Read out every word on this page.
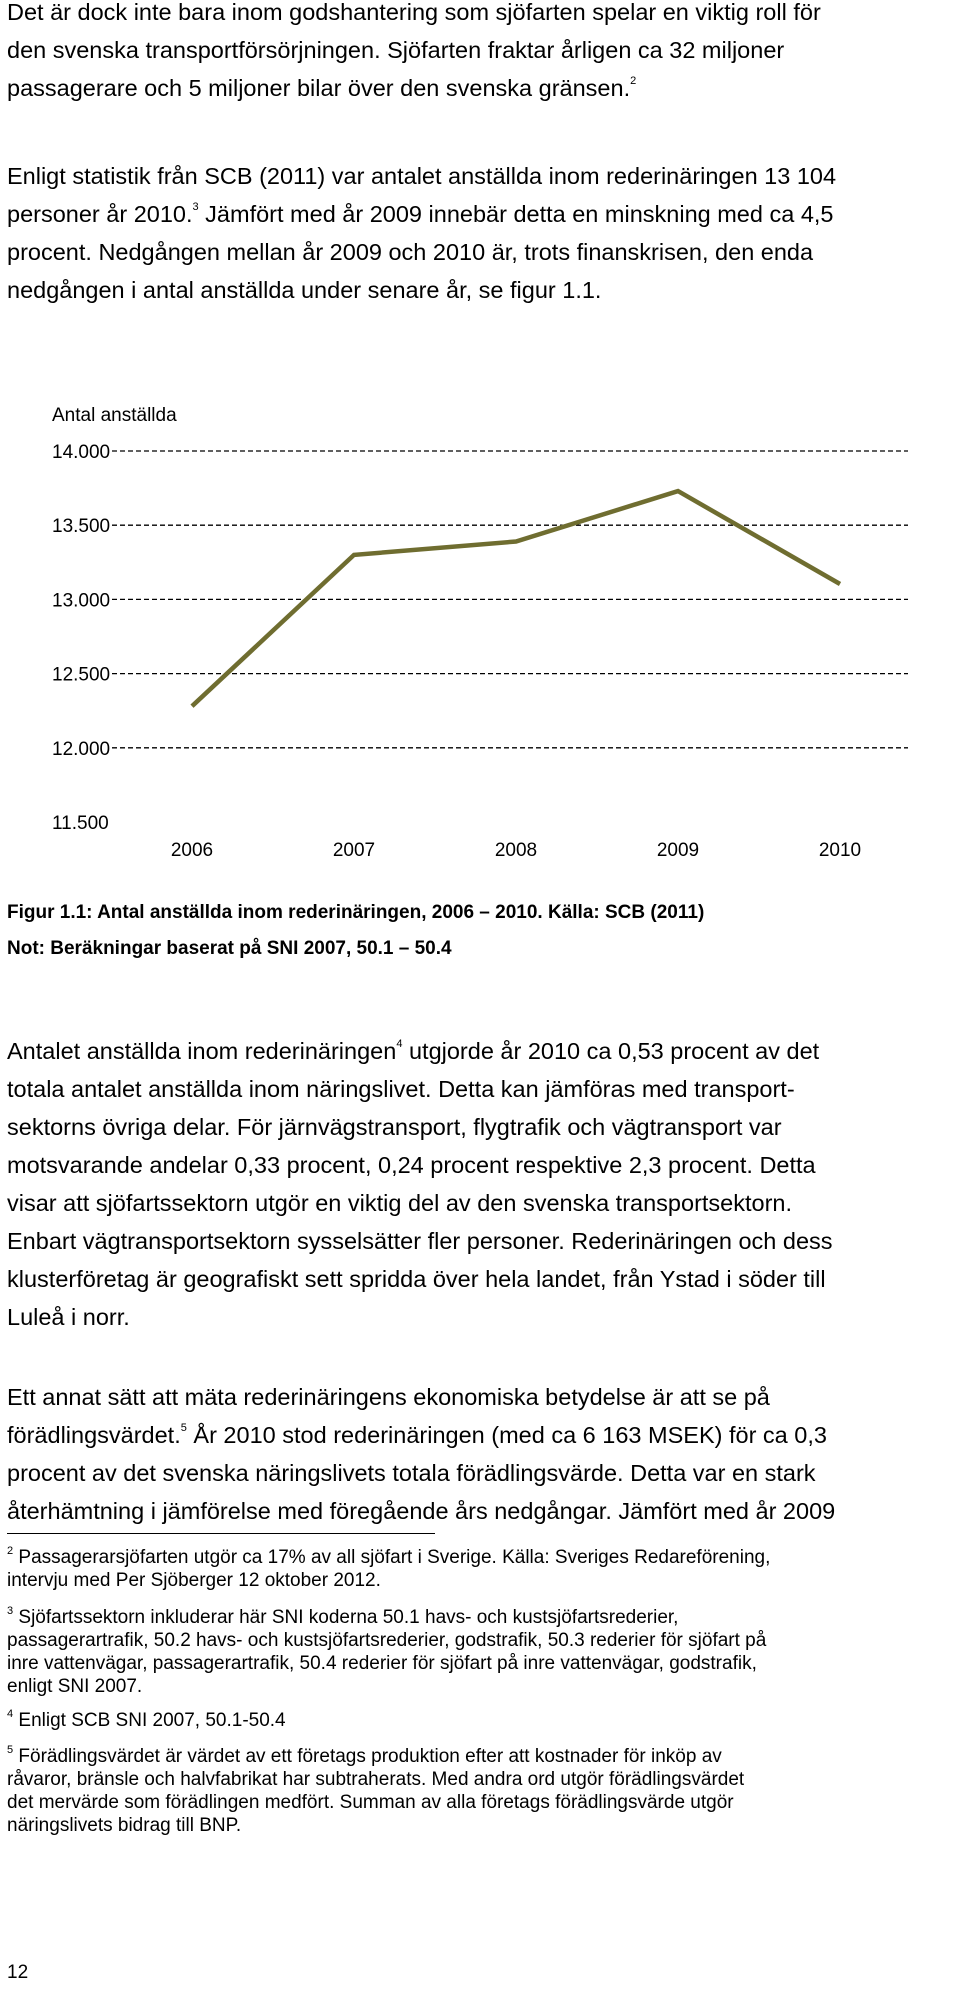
Det är dock inte bara inom godshantering som sjöfarten spelar en viktig roll för
den svenska transportförsörjningen. Sjöfarten fraktar årligen ca 32 miljoner
passagerare och 5 miljoner bilar över den svenska gränsen.$^2$

Enligt statistik från SCB (2011) var antalet anställda inom rederinäringen 13 104
personer år 2010.$^3$ Jämfört med år 2009 innebär detta en minskning med ca 4,5
procent. Nedgången mellan år 2009 och 2010 är, trots finanskrisen, den enda
nedgången i antal anställda under senare år, se figur 1.1.

Antal anställda
14.000
13.500
13.000
12.500
12.000
11.500
2006	2007	2008	2009	2010

Figur 1.1: Antal anställda inom rederinäringen, 2006 – 2010. Källa: SCB (2011)

Not: Beräkningar baserat på SNI 2007, 50.1 – 50.4

Antalet anställda inom rederinäringen$^4$ utgjorde år 2010 ca 0,53 procent av det
totala antalet anställda inom näringslivet. Detta kan jämföras med transport-
sektorns övriga delar. För järnvägstransport, flygtrafik och vägtransport var
motsvarande andelar 0,33 procent, 0,24 procent respektive 2,3 procent. Detta
visar att sjöfartssektorn utgör en viktig del av den svenska transportsektorn.
Enbart vägtransportsektorn sysselsätter fler personer. Rederinäringen och dess
klusterföretag är geografiskt sett spridda över hela landet, från Ystad i söder till
Luleå i norr.

Ett annat sätt att mäta rederinäringens ekonomiska betydelse är att se på
förädlingsvärdet.$^5$ År 2010 stod rederinäringen (med ca 6 163 MSEK) för ca 0,3
procent av det svenska näringslivets totala förädlingsvärde. Detta var en stark
återhämtning i jämförelse med föregående års nedgångar. Jämfört med år 2009

$^2$ Passagerarsjöfarten utgör ca 17% av all sjöfart i Sverige. Källa: Sveriges Redareförening,
intervju med Per Sjöberger 12 oktober 2012.

$^3$ Sjöfartssektorn inkluderar här SNI koderna 50.1 havs- och kustsjöfartsrederier,
passagerartrafik, 50.2 havs- och kustsjöfartsrederier, godstrafik, 50.3 rederier för sjöfart på
inre vattenvägar, passagerartrafik, 50.4 rederier för sjöfart på inre vattenvägar, godstrafik,
enligt SNI 2007.

$^4$ Enligt SCB SNI 2007, 50.1-50.4

$^5$ Förädlingsvärdet är värdet av ett företags produktion efter att kostnader för inköp av
råvaror, bränsle och halvfabrikat har subtraherats. Med andra ord utgör förädlingsvärdet
det mervärde som förädlingen medfört. Summan av alla företags förädlingsvärde utgör
näringslivets bidrag till BNP.

12
